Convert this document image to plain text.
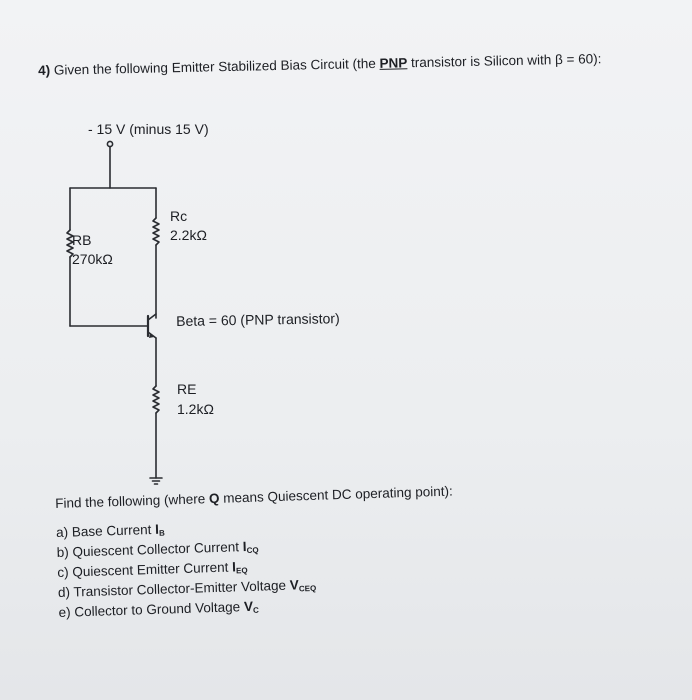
4) Given the following Emitter Stabilized Bias Circuit (the PNP transistor is Silicon with β = 60):
- 15 V (minus 15 V)
Rc
2.2kΩ
RB
270kΩ
Beta = 60 (PNP transistor)
RE
1.2kΩ
Find the following (where Q means Quiescent DC operating point):
a) Base Current $I_B$
b) Quiescent Collector Current $I_{CQ}$
c) Quiescent Emitter Current $I_{EQ}$
d) Transistor Collector-Emitter Voltage $V_{CEQ}$
e) Collector to Ground Voltage $V_C$
